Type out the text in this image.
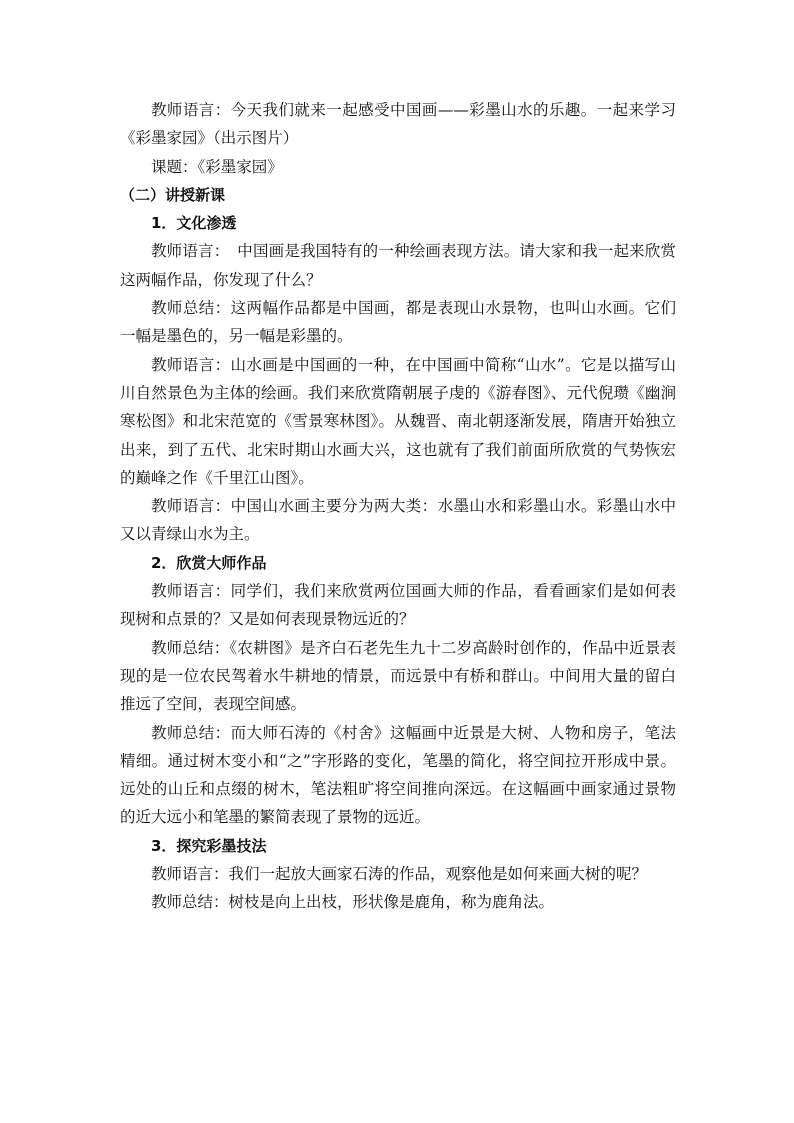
教师语言：今天我们就来一起感受中国画——彩墨山水的乐趣。一起来学习《彩墨家园》（出示图片）

课题：《彩墨家园》

（二）讲授新课

1．文化渗透

教师语言：　中国画是我国特有的一种绘画表现方法。请大家和我一起来欣赏这两幅作品，你发现了什么？

教师总结：这两幅作品都是中国画，都是表现山水景物，也叫山水画。它们一幅是墨色的，另一幅是彩墨的。

教师语言：山水画是中国画的一种，在中国画中简称“山水”。它是以描写山川自然景色为主体的绘画。我们来欣赏隋朝展子虔的《游春图》、元代倪瓒《幽涧寒松图》和北宋范宽的《雪景寒林图》。从魏晋、南北朝逐渐发展，隋唐开始独立出来，到了五代、北宋时期山水画大兴，这也就有了我们前面所欣赏的气势恢宏的巅峰之作《千里江山图》。

教师语言：中国山水画主要分为两大类：水墨山水和彩墨山水。彩墨山水中又以青绿山水为主。

2．欣赏大师作品

教师语言：同学们，我们来欣赏两位国画大师的作品，看看画家们是如何表现树和点景的？又是如何表现景物远近的？

教师总结：《农耕图》是齐白石老先生九十二岁高龄时创作的，作品中近景表现的是一位农民驾着水牛耕地的情景，而远景中有桥和群山。中间用大量的留白推远了空间，表现空间感。

教师总结：而大师石涛的《村舍》这幅画中近景是大树、人物和房子，笔法精细。通过树木变小和“之”字形路的变化，笔墨的简化，将空间拉开形成中景。远处的山丘和点缀的树木，笔法粗旷将空间推向深远。在这幅画中画家通过景物的近大远小和笔墨的繁简表现了景物的远近。

3．探究彩墨技法

教师语言：我们一起放大画家石涛的作品，观察他是如何来画大树的呢？

教师总结：树枝是向上出枝，形状像是鹿角，称为鹿角法。
